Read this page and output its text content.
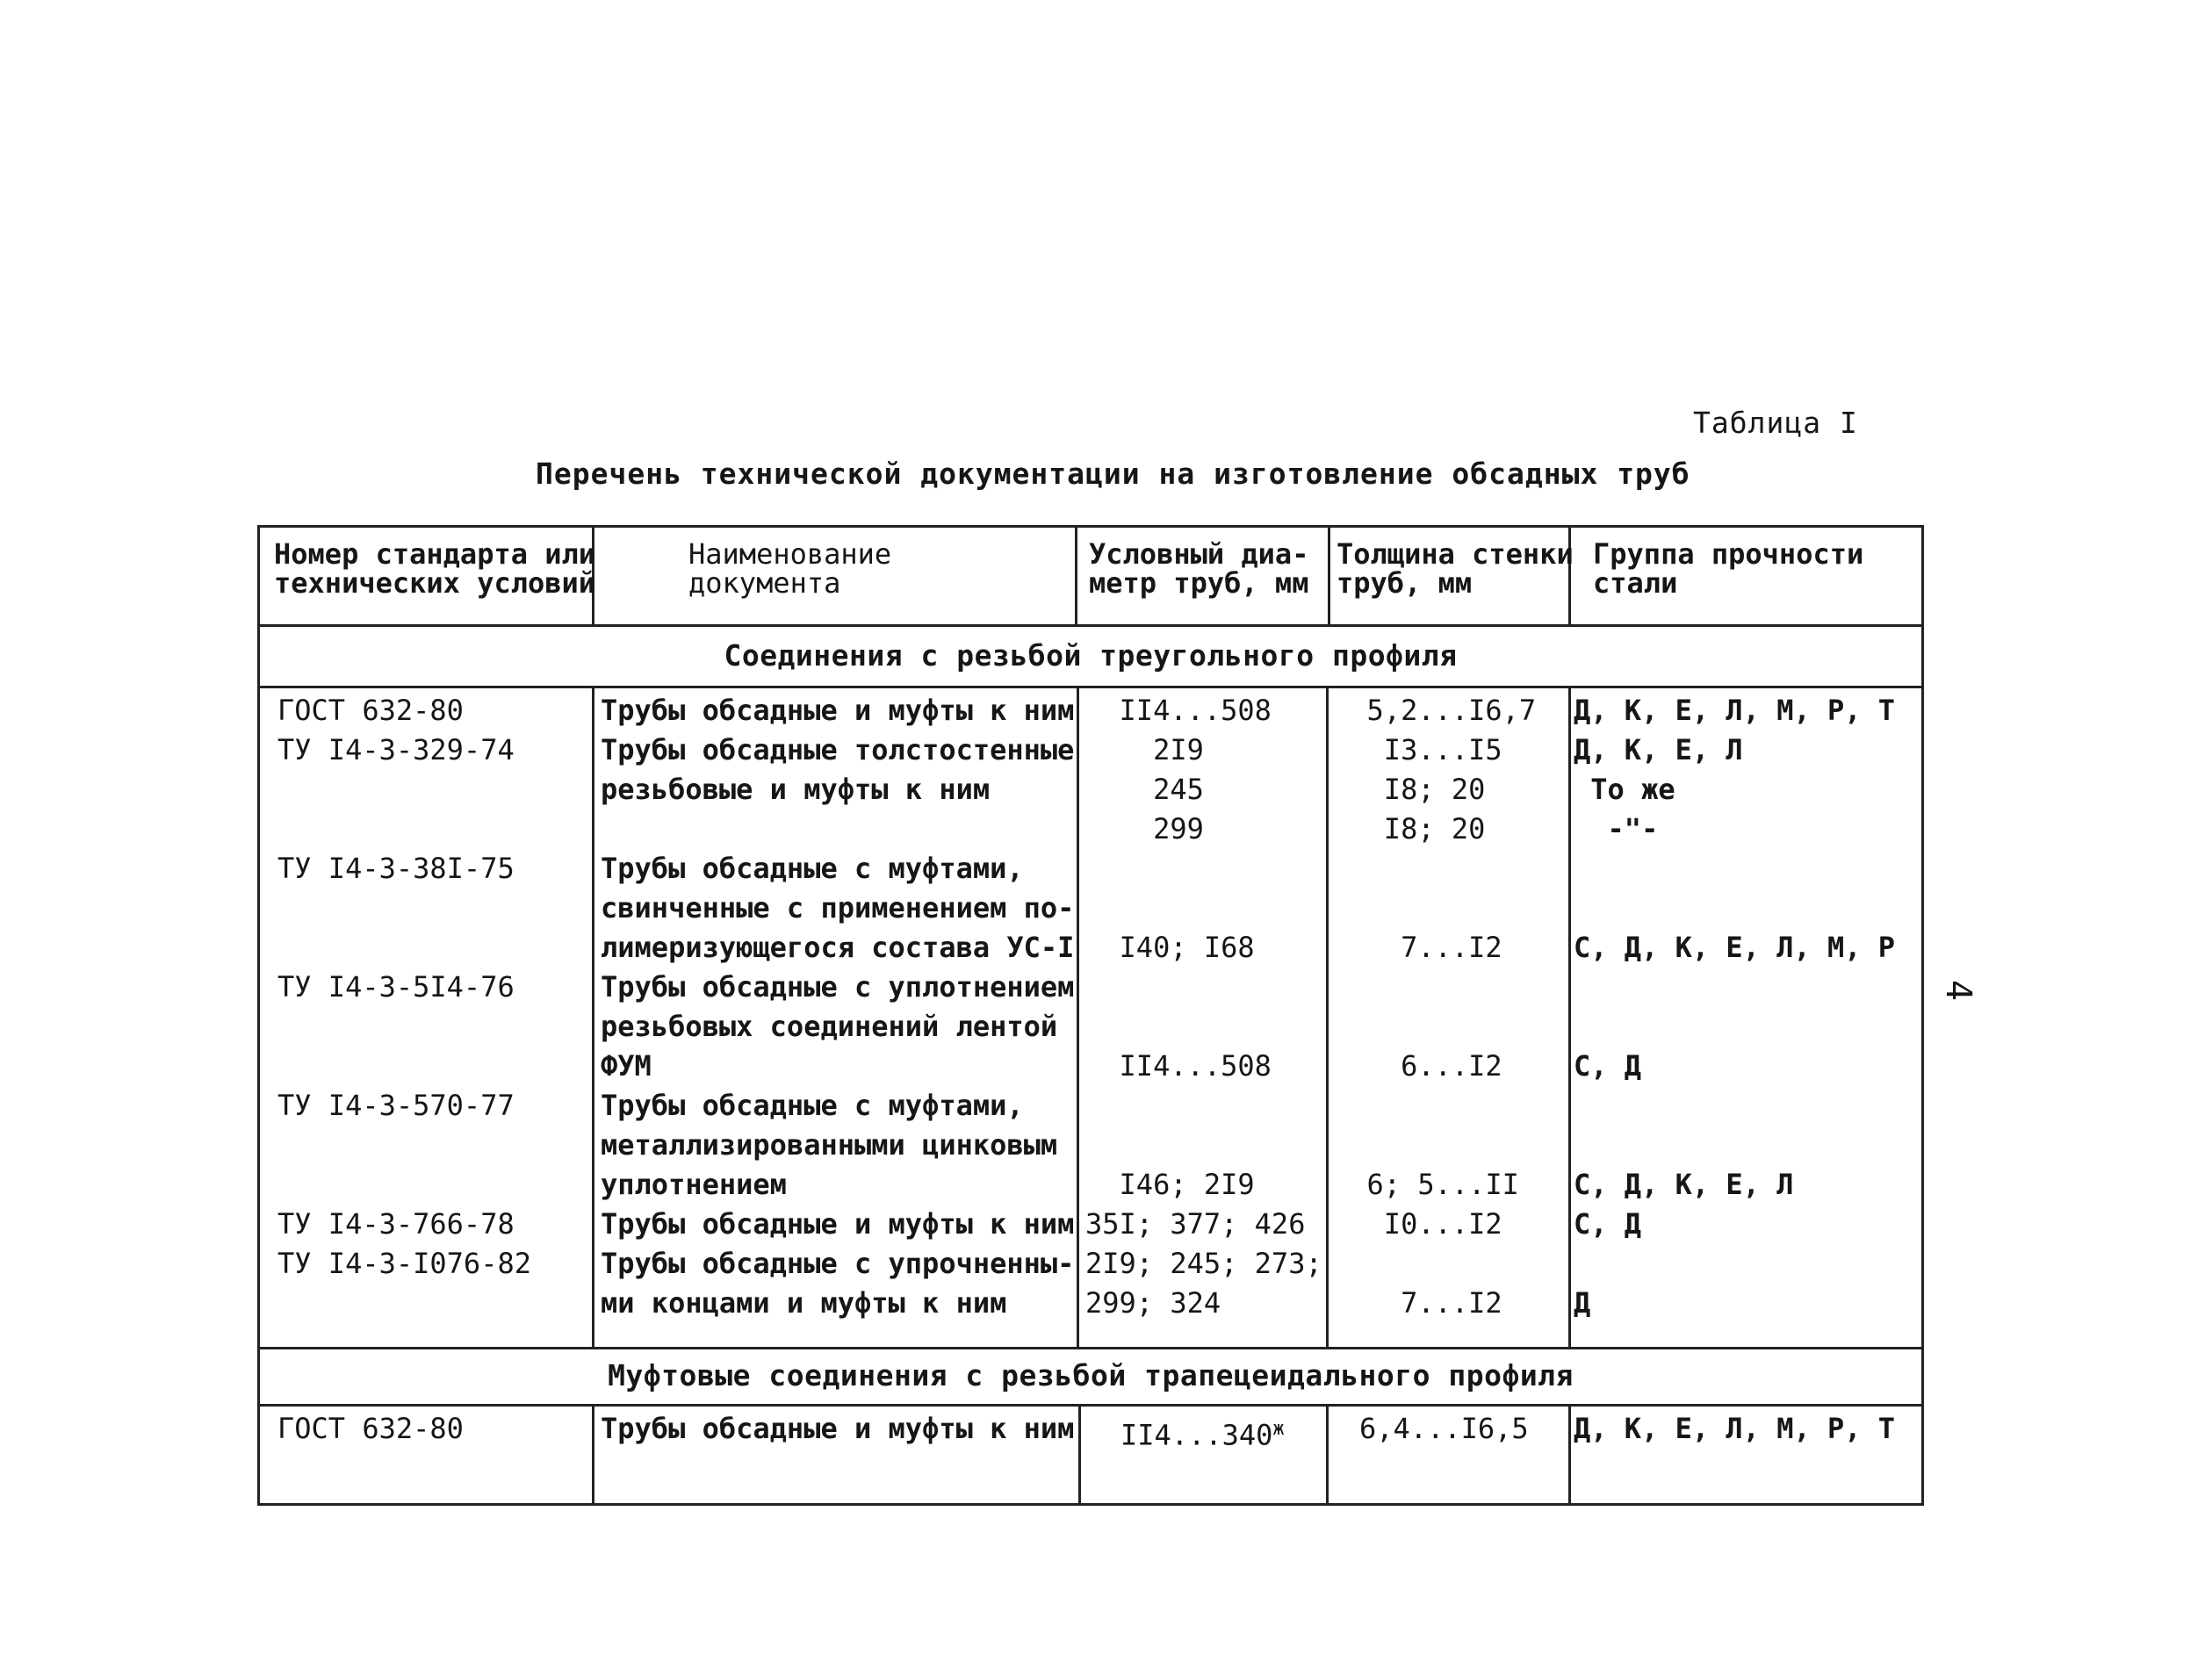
Таблица I
Перечень технической документации на изготовление обсадных труб
4
Номер стандарта или
технических условий
Наименование
документа
Условный диа-
метр труб, мм
Толщина стенки
труб, мм
Группа прочности
стали
Соединения с резьбой треугольного профиля
ГОСТ 632-80
ТУ I4-3-329-74

ТУ I4-3-38I-75

ТУ I4-3-5I4-76

ТУ I4-3-570-77

ТУ I4-3-766-78
ТУ I4-3-I076-82
Трубы обсадные и муфты к ним
Трубы обсадные толстостенные
резьбовые и муфты к ним

Трубы обсадные с муфтами,
свинченные с применением по-
лимеризующегося состава УС-I
Трубы обсадные с уплотнением
резьбовых соединений лентой
ФУМ
Трубы обсадные с муфтами,
металлизированными цинковым
уплотнением
Трубы обсадные и муфты к ним
Трубы обсадные с упрочненны-
ми концами и муфты к ним
II4...508
2I9
245
299

I40; I68

II4...508

I46; 2I9
35I; 377; 426
2I9; 245; 273;
299; 324
5,2...I6,7
I3...I5
I8; 20
I8; 20

7...I2

6...I2

6; 5...II
I0...I2

7...I2
Д, К, Е, Л, М, Р, Т
Д, К, Е, Л
То же
-"-

С, Д, К, Е, Л, М, Р

С, Д

С, Д, К, Е, Л
С, Д

Д
Муфтовые соединения с резьбой трапецеидального профиля
ГОСТ 632-80	Трубы обсадные и муфты к ним $II4...340^ж$	6,4...I6,5 Д, К, Е, Л, М, Р, Т
